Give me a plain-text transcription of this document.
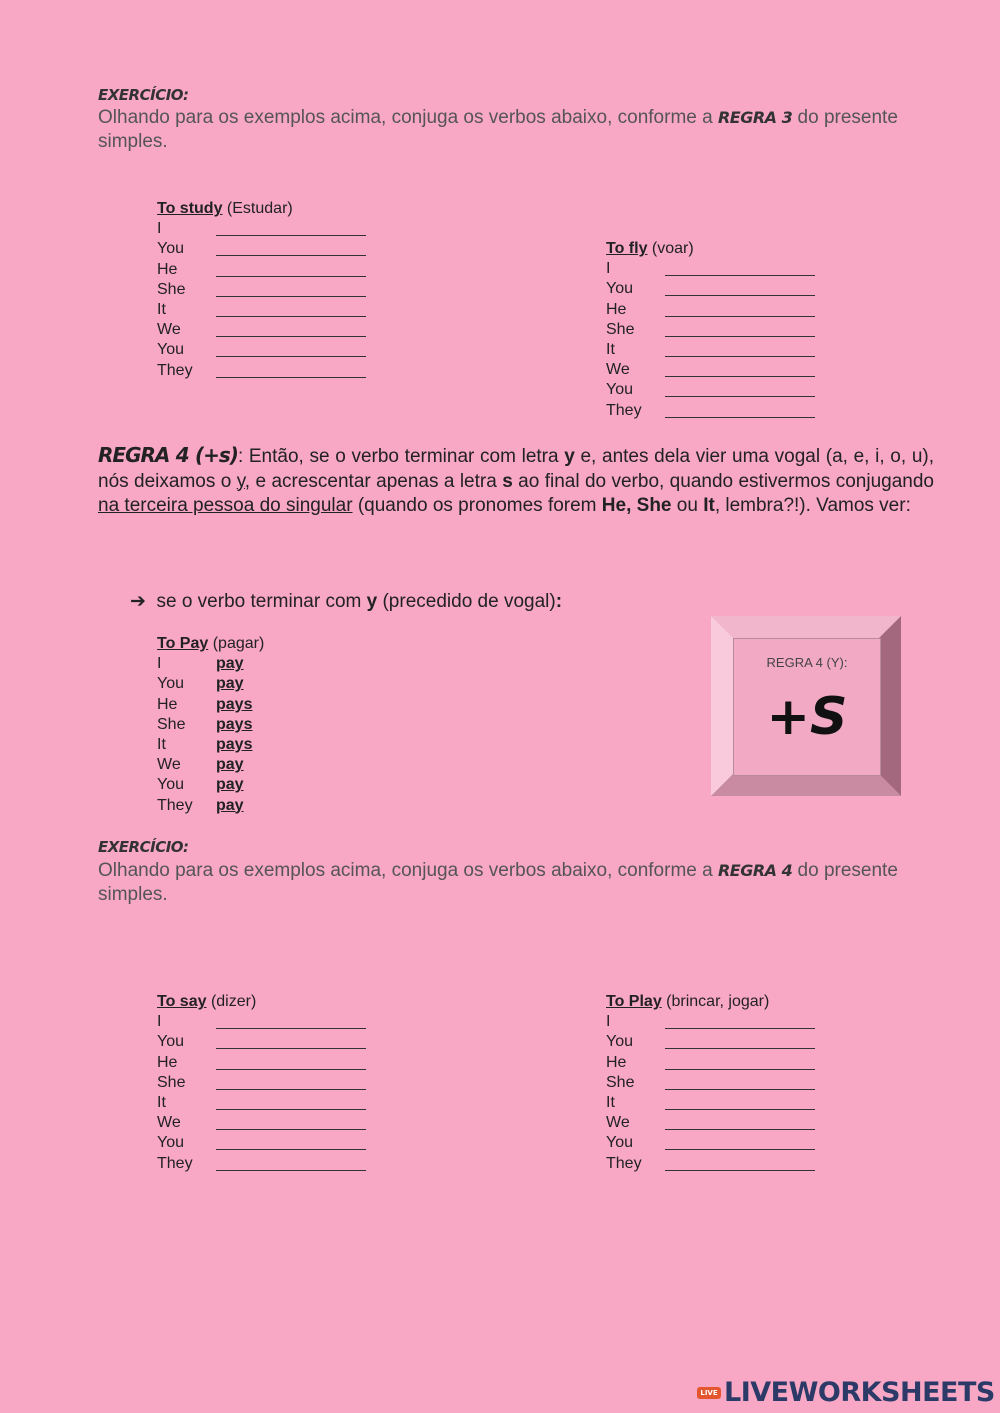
EXERCÍCIO:
Olhando para os exemplos acima, conjuga os verbos abaixo, conforme a REGRA 3 do presente simples.
To study (Estudar)
I
You
He
She
It
We
You
They
To fly (voar)
I
You
He
She
It
We
You
They
REGRA 4 (+s): Então, se o verbo terminar com letra y e, antes dela vier uma vogal (a, e, i, o, u), nós deixamos o y, e acrescentar apenas a letra s ao final do verbo, quando estivermos conjugando na terceira pessoa do singular (quando os pronomes forem He, She ou It, lembra?!). Vamos ver:
➔ se o verbo terminar com y (precedido de vogal):
To Pay (pagar)
I	pay
You	pay
He	pays
She	pays
It	pays
We	pay
You	pay
They	pay
REGRA 4 (Y):
+S
EXERCÍCIO:
Olhando para os exemplos acima, conjuga os verbos abaixo, conforme a REGRA 4 do presente simples.
To say (dizer)
I
You
He
She
It
We
You
They
To Play (brincar, jogar)
I
You
He
She
It
We
You
They
LIVE LIVEWORKSHEETS
